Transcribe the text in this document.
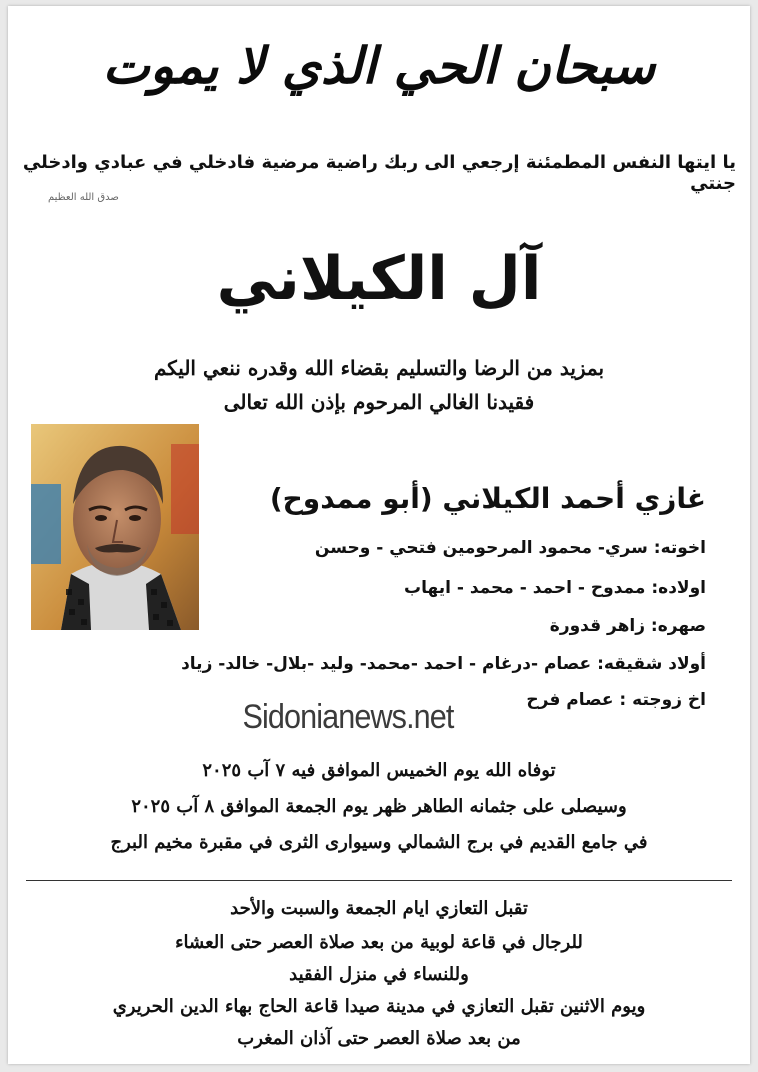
سبحان الحي الذي لا يموت
يا ايتها النفس المطمئنة إرجعي الى ربك راضية مرضية فادخلي في عبادي وادخلي جنتي
صدق الله العظيم
آل الكيلاني
بمزيد من الرضا والتسليم بقضاء الله وقدره ننعي اليكم
فقيدنا الغالي المرحوم بإذن الله تعالى
غازي أحمد الكيلاني (أبو ممدوح)
اخوته: سري- محمود المرحومين فتحي - وحسن
اولاده: ممدوح - احمد - محمد - ايهاب
صهره: زاهر قدورة
أولاد شقيقه: عصام -درغام - احمد -محمد- وليد -بلال- خالد- زياد
اخ زوجته : عصام فرح
Sidonianews.net
توفاه الله يوم الخميس الموافق فيه ٧ آب ٢٠٢٥
وسيصلى على جثمانه الطاهر ظهر يوم الجمعة الموافق ٨ آب ٢٠٢٥
في جامع القديم في برج الشمالي وسيوارى الثرى في مقبرة مخيم البرج
تقبل التعازي ايام الجمعة والسبت والأحد
للرجال في قاعة لوبية من بعد صلاة العصر حتى العشاء
وللنساء في منزل الفقيد
ويوم الاثنين تقبل التعازي في مدينة صيدا قاعة الحاج بهاء الدين الحريري
من بعد صلاة العصر حتى آذان المغرب
